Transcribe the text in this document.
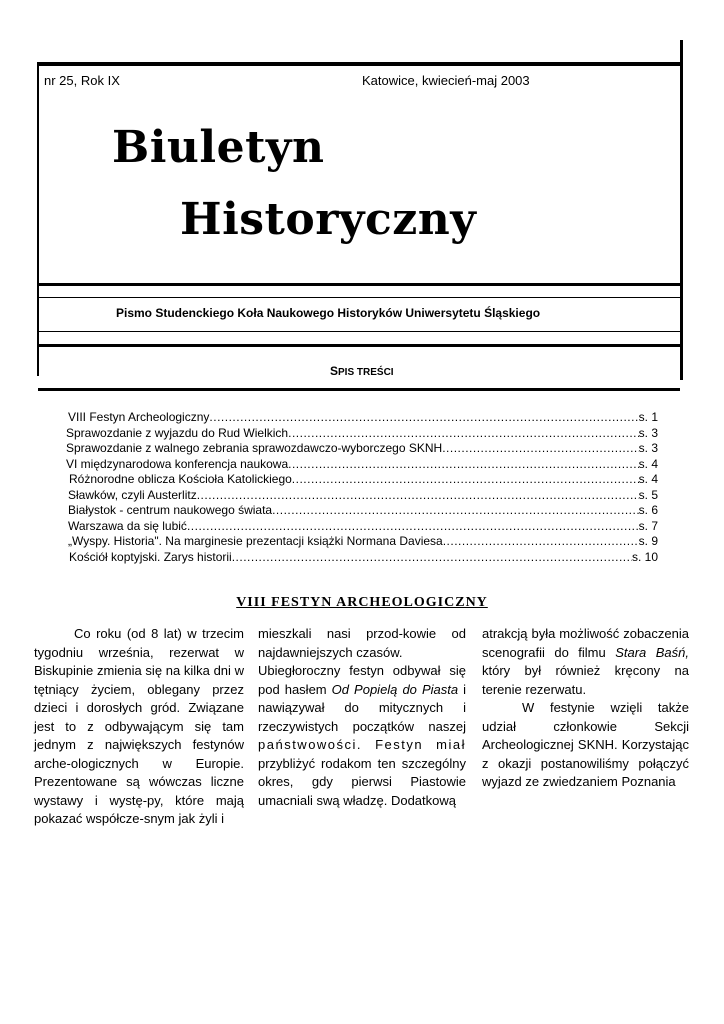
nr 25, Rok IX	Katowice, kwiecień-maj 2003
Biuletyn
Historyczny
Pismo Studenckiego Koła Naukowego Historyków Uniwersytetu Śląskiego
SPIS TREŚCI
VIII Festyn Archeologiczny .....	s. 1
Sprawozdanie z wyjazdu do Rud Wielkich .....	s. 3
Sprawozdanie z walnego zebrania sprawozdawczo-wyborczego SKNH .....	s. 3
VI międzynarodowa konferencja naukowa .....	s. 4
Różnorodne oblicza Kościoła Katolickiego .....	s. 4
Sławków, czyli Austerlitz .....	s. 5
Białystok - centrum naukowego świata .....	s. 6
Warszawa da się lubić .....	s. 7
„Wyspy. Historia". Na marginesie prezentacji książki Normana Daviesa .....	s. 9
Kościół koptyjski. Zarys historii .....	s. 10
VIII FESTYN ARCHEOLOGICZNY

Co roku (od 8 lat) w trzecim tygodniu września, rezerwat w Biskupinie zmienia się na kilka dni w tętniący życiem, oblegany przez dzieci i dorosłych gród. Związane jest to z odbywającym się tam jednym z największych festynów arche-ologicznych w Europie. Prezentowane są wówczas liczne wystawy i wystę-py, które mają pokazać współcze-snym jak żyli i

mieszkali nasi przod-kowie od najdawniejszych czasów.

Ubiegłoroczny festyn odbywał się pod hasłem Od Popielą do Piasta i nawiązywał do mitycznych i rzeczywistych początków naszej państwowości. Festyn miał przybliżyć rodakom ten szczególny okres, gdy pierwsi Piastowie umacniali swą władzę. Dodatkową

atrakcją była możliwość zobaczenia scenografii do filmu Stara Baśń, który był również kręcony na terenie rezerwatu.

W festynie wzięli także udział członkowie Sekcji Archeologicznej SKNH. Korzystając z okazji postanowiliśmy połączyć wyjazd ze zwiedzaniem Poznania
